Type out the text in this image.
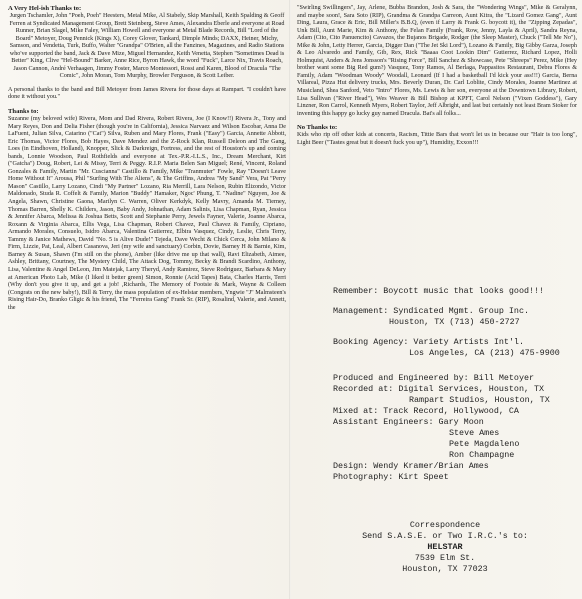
A Very Hel-ish Thanks to:

Jurgen Tschamler, John "Poeh, Poeh" Heesters, Metal Mike, Al Stabely, Skip Marshall, Keith Spalding & Geoff Ferren at Syndicated Management Group, Brett Steinberg, Steve Ames, Alexandra Eberle and everyone at Road Runner, Brian Slagel, Mike Faley, William Howell and everyone at Metal Blade Records, Bill "Lord of the Board" Metoyer, Doug Pennick (Kings X), Corey Glover, Tankard, Dimple Minds; DAXX, Heiner, Michy, Samson, and Vendetta, Turk, Buffo, Walter "Grandpa" O'Brien, all the Fanzines, Magazines, and Radio Stations who've supported the band, Jack & Dave Mize, Miguel Hernandez, Keith Venetta, Stephen "Sometimes Dead is Better" King, Clive "Hel-Bound" Barker, Anne Rice, Byron Hawk, the word "Fuck", Larce Nix, Travis Roach, Jason Cannon, André Verhaagen, Jimmy Foster, Marco Montessori, Rossi and Karen, Blood of Dracula "The Comic", John Moran, Tom Murphy, Browler Ferguson, & Scott Leiber.

A personal thanks to the band and Bill Metoyer from James Rivera for those days at Rampart. "I couldn't have done it without you."

Thanks to:

Suzanne (my beloved wife) Rivera, Mom and Dad Rivera, Robert Rivera, Joe (I Know!!) Rivera Jr., Tony and Mary Reyes, Don and Delia Fisher (though you're in California), Jessica Narvaez and Wilson Escobar, Anna De LaFuent, Julian Silva, Catarino ("Cat") Silva, Ruben and Mary Flores, Frank ("Easy") Garcia, Annette Abbott, Eric Thomas, Victor Flores, Bob Hayes, Dave Mendez and the Z-Rock Klan, Russell Deleon and The Gang, Loes (in Eindhoven, Holland), Knopper, Slick & Darkreign, Fortress, and the rest of Houston's up and coming bands, Lonnie Woodson, Paul Rothfields and everyone at Tex.-P.R.-I.L.S., Inc., Dream Merchant, Kirt ("Gatcha") Doug, Robert, Lei & Missy, Terri & Peggy. R.I.P. Maria Belen San Miguel; René, Vincent, Roland Gonzales & Family, Martin "Mr. Cuscianna" Castillo & Family, Mike "Tranmuter" Fowle, Ray "Doesn't Leave Home Without It" Arousa, Phil "Surfing With The Aliens", & The Griffins, Andrea "My Sand" Vera, Pat "Perry Mason" Castillo, Larry Lozano, Cindi "My Partner" Lozano, Ria Merrill, Lara Nelson, Rubin Elizondo, Victor Maldonado, Studa R. Coffelt & Family, Marion "Buddy" Hamaker, Ngoc' Phung, T. "Nadine" Nguyen, Joe & Angela, Shawn, Christine Gaona, Marilyn C. Warren, Oliver Kerkdyk, Kelly Mavry, Amanda M. Tierney, Thomas Barren, Shelly K. Childers, Jason, Baby Andy, Johnathan, Adam Salinis, Lisa Chapman, Ryan, Jessica & Jennifer Abarca, Melissa & Joshua Betts, Scott and Stephanie Perry, Jewels Fayner, Valerie, Joanne Abarca, Roxann & Virginia Abarca, Ellis Vega, Lisa Chapman, Robert Chavez, Paul Chavez & Family, Cipriano, Armando Morales, Consuelo, Isidro Abarca, Valentina Gutierrez, Elbira Vasquez, Cindy, Leslie, Chris Terry, Tammy & Janice Mathews, David "No. 5 is Alive Dude!" Tejeda, Dave Wecht & Chick Cerca, John Milano & Firm, Lizzie, Pat, Leal, Albert Casanova, Jeri (my wife and sanctuary) Corbin, Dovie, Barney H & Barnie, Kim, Barney & Susan, Shawn (I'm still on the phone), Amber (like drive me up that wall), Ravi Elizabeth, Aimee, Ashley, Brittany, Courtney, The Mystery Child, The Attack Dog, Tommy, Becky & Brandi Scardino, Anthony, Lisa, Valentine & Angel DeLeon, Jim Matejak, Larry Theryd, Andy Ramirez, Steve Rodriguez, Barbara & Mary at American Photo Lab, Mike (I liked it better green) Simon, Ronnie (Acid Tapes) Bata, Charles Harris, Terri (Why don't you give it up, and get a job! ,Richards, The Memory of Footsie & Mark, Wayne & Colleen (Congrats on the new baby!), Bill & Terry, the mass population of ex-Helstar members, Yngwie "J" Malmsteen's Rising Hair-Do, Branko Gligic & his friend, The "Ferreira Gang" Frank Sr. (RIP), Rosalind, Valerie, and Annett, the

"Swirling Swillingers", Jay, Arlene, Bubba Brandon, Josh & Sara, the "Wondering Wings", Mike & Geralynn, and maybe soon!, Sara Soto (RIP), Grandma & Grandpa Carreon, Aunt Kitra, the "Lizard Gomez Gang", Aunt Ding, Laura, Grace & Eric, Bill Miller's B.B.Q, (even if Larry & Frank G. boycott it), the "Zipping Zepadas", Unk Bill, Aunt Marie, Kim & Anthony, the Felan Family (Frank, Row, Jenny, Layla & April), Sandra Reyna, Adam (Cito, Cito Panuencito) Cavazos, the Bujanos Brigade, Rodger (the Sleep Master), Chuck ("Tell Me No"), Mike & John, Letty Herrer, Garcia, Digger Dan ("The Jet Ski Lord"), Lozano & Family, Big Gibby Garza, Joseph & Leo Alvaredo and Family, Gib, Rex, Rick "Baaaa Coot Lookin Dim" Gutierrez, Richard Lopez, Holli Holmquist, Anders & Jens Jonsson's "Rising Force", Bill Sanchez & Showcase, Pete "Shreeps" Perez, Mike (Hey brother want some Big Red gum?) Vasquez, Tony Ramos, Al Berlaga, Pappasitos Restaurant, Debra Flores & Family, Adam "Woodman Woody" Woodall, Leonard (If I had a basketball I'd kick your ass!!!) Garcia, Berna Villareal, Pizza Hut delivery trucks, Mrs. Beverly Duran, Dr. Carl Loblite, Cindy Morales, Joanne Martinez at Musicland, Shea Sanford, Veto "Intro" Flores, Ms. Lewis & her son, everyone at the Downtown Library, Robert, Lisa Sullivan ("River Head"), Wes Weaver & Bill Bishop at KPFT, Carol Nelson ("Vixen Goddess"), Gary Linzner, Ron Carrol, Kenneth Myers, Robert Taylor, Jeff Albright, and last but certainly not least Bram Stoker for inventing this happy go lucky guy named Dracula. Bat's all folks...

No Thanks to:

Kids who rip off other kids at concerts, Racism, Tittie Bars that won't let us in because our "Hair is too long", Light Beer ("Tastes great but it doesn't fuck you up"), Humidity, Exxon!!!

Remember: Boycott music that looks good!!!

Management: Syndicated Mgmt. Group Inc.

Houston, TX (713) 450-2727

Booking Agency: Variety Artists Int'l.

Los Angeles, CA (213) 475-9900

Produced and Engineered by: Bill Metoyer

Recorded at: Digital Services, Houston, TX

Rampart Studios, Houston, TX

Mixed at: Track Record, Hollywood, CA

Assistant Engineers: Gary Moon

Steve Ames

Pete Magdaleno

Ron Champagne

Design: Wendy Kramer/Brian Ames

Photography: Kirt Speet

Correspondence

Send S.A.S.E. or Two I.R.C.'s to:

HELSTAR

7539 Elm St.

Houston, TX 77023
